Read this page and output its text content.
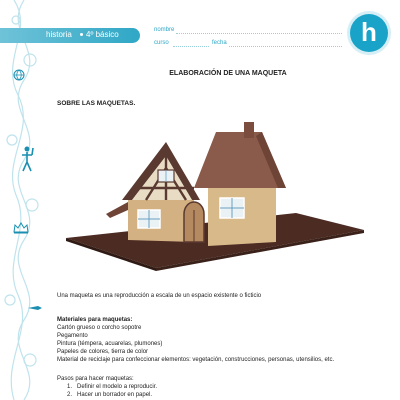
historia 4º básico	nombre
curso	fecha	h
ELABORACIÓN DE UNA MAQUETA
SOBRE LAS MAQUETAS.
Una maqueta es una reproducción a escala de un espacio existente o ficticio
Materiales para maquetas:
Cartón grueso o corcho sopotre
Pegamento
Pintura (témpera, acuarelas, plumones)
Papeles de colores, tierra de color
Material de reciclaje para confeccionar elementos: vegetación, construcciones, personas, utensilios, etc.
Pasos para hacer maquetas:
1. Definir el modelo a reproducir.
2. Hacer un borrador en papel.
